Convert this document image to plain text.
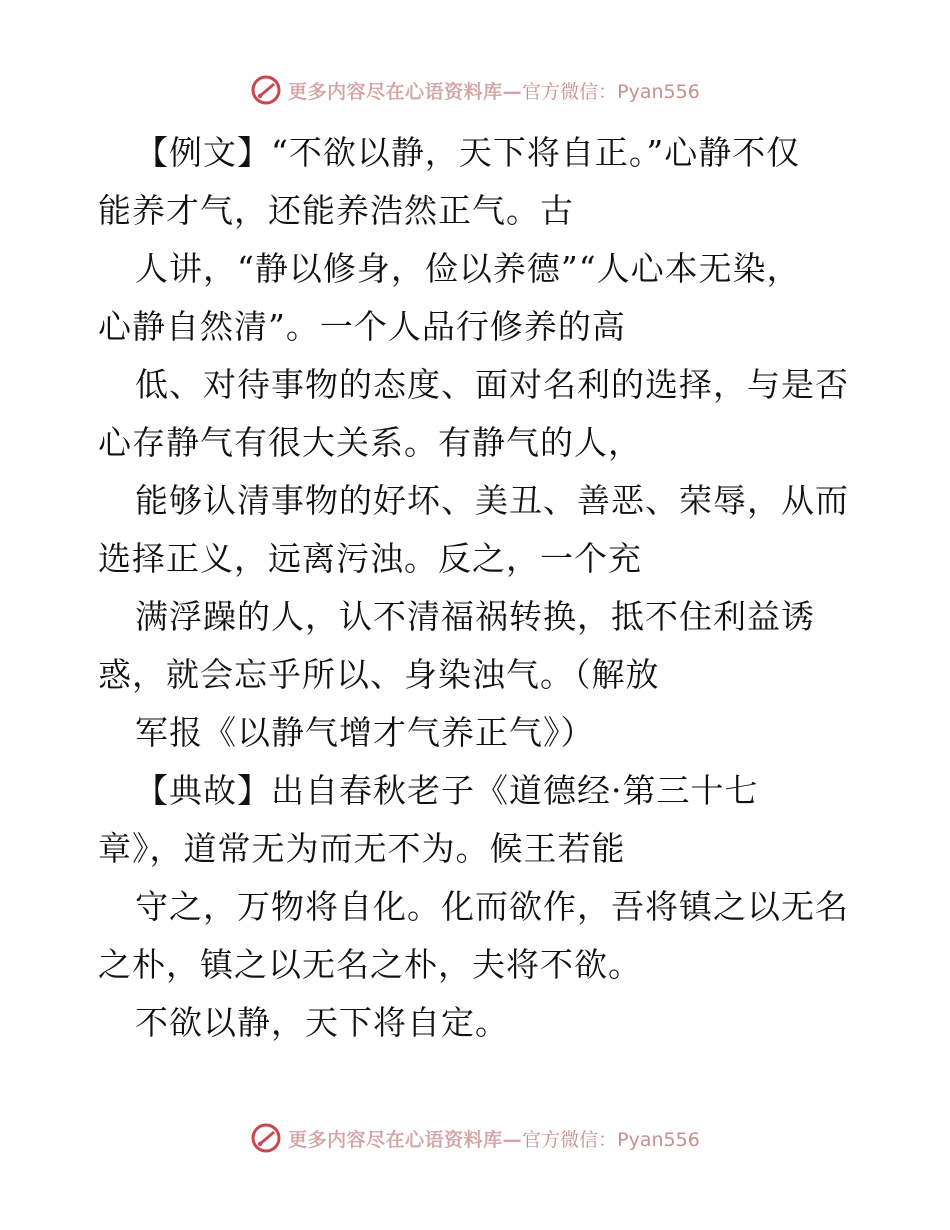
更多内容尽在心语资料库— 官方微信：Pyan556
【例文】“不欲以静，天下将自正。”心静不仅
能养才气，还能养浩然正气。古
人讲，“静以修身，俭以养德”“人心本无染，
心静自然清”。一个人品行修养的高
低、对待事物的态度、面对名利的选择，与是否
心存静气有很大关系。有静气的人，
能够认清事物的好坏、美丑、善恶、荣辱，从而
选择正义，远离污浊。反之，一个充
满浮躁的人，认不清福祸转换，抵不住利益诱
惑，就会忘乎所以、身染浊气。（解放
军报《以静气增才气养正气》）
【典故】出自春秋老子《道德经·第三十七
章》，道常无为而无不为。候王若能
守之，万物将自化。化而欲作，吾将镇之以无名
之朴，镇之以无名之朴，夫将不欲。
不欲以静，天下将自定。
更多内容尽在心语资料库— 官方微信：Pyan556
